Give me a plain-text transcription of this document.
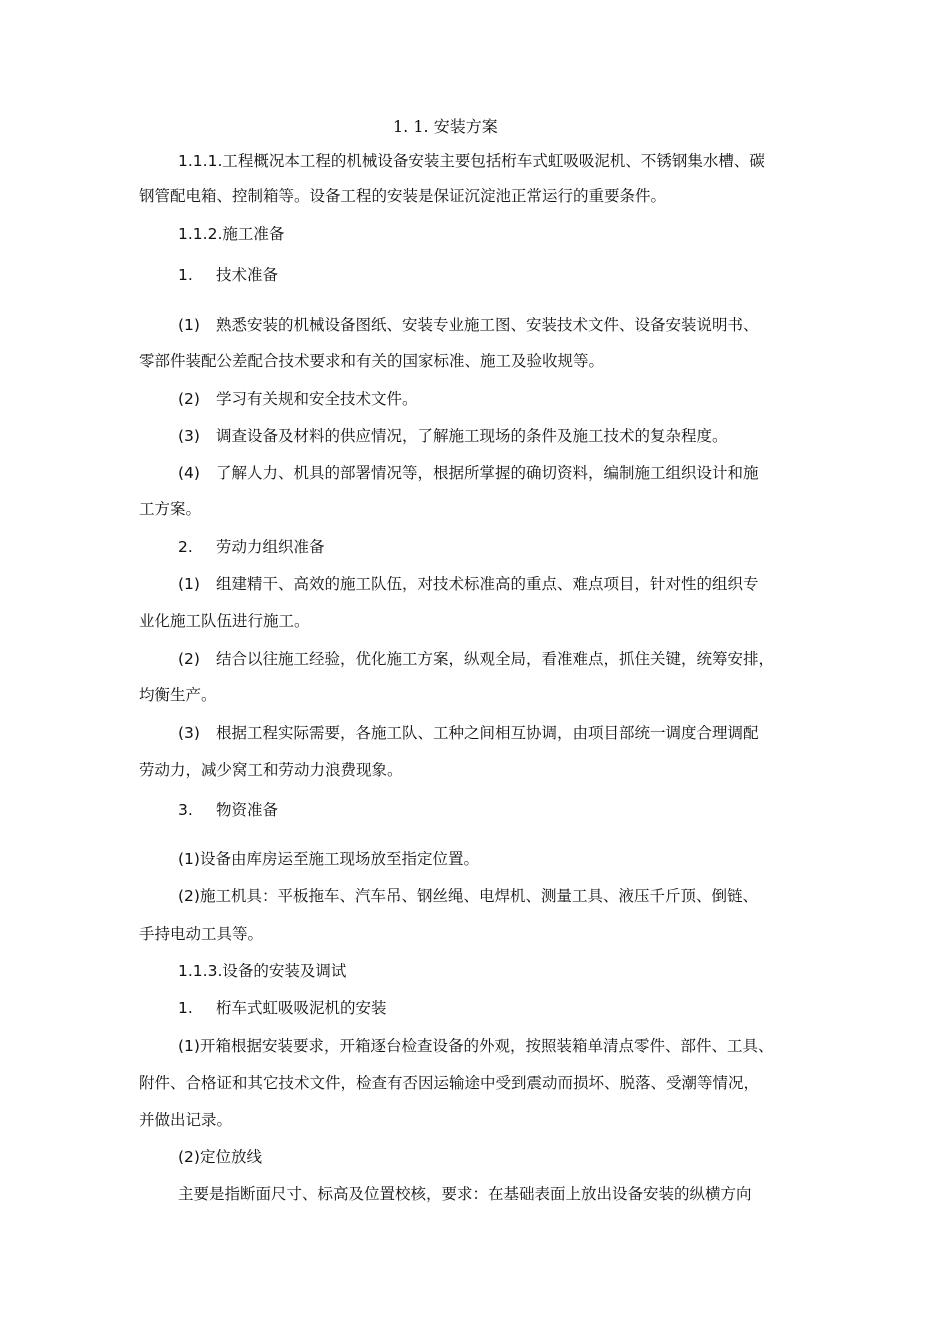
1. 1. 安装方案
1.1.1.工程概况本工程的机械设备安装主要包括桁车式虹吸吸泥机、不锈钢集水槽、碳
钢管配电箱、控制箱等。设备工程的安装是保证沉淀池正常运行的重要条件。
1.1.2.施工准备
1. 技术准备
(1) 熟悉安装的机械设备图纸、安装专业施工图、安装技术文件、设备安装说明书、
零部件装配公差配合技术要求和有关的国家标准、施工及验收规等。
(2) 学习有关规和安全技术文件。
(3) 调查设备及材料的供应情况，了解施工现场的条件及施工技术的复杂程度。
(4) 了解人力、机具的部署情况等，根据所掌握的确切资料，编制施工组织设计和施
工方案。
2. 劳动力组织准备
(1) 组建精干、高效的施工队伍，对技术标准高的重点、难点项目，针对性的组织专
业化施工队伍进行施工。
(2) 结合以往施工经验，优化施工方案，纵观全局，看准难点，抓住关键，统筹安排，
均衡生产。
(3) 根据工程实际需要，各施工队、工种之间相互协调，由项目部统一调度合理调配
劳动力，减少窝工和劳动力浪费现象。
3. 物资准备
(1)设备由库房运至施工现场放至指定位置。
(2)施工机具：平板拖车、汽车吊、钢丝绳、电焊机、测量工具、液压千斤顶、倒链、
手持电动工具等。
1.1.3.设备的安装及调试
1. 桁车式虹吸吸泥机的安装
(1)开箱根据安装要求，开箱逐台检查设备的外观，按照装箱单清点零件、部件、工具、
附件、合格证和其它技术文件，检查有否因运输途中受到震动而损坏、脱落、受潮等情况，
并做出记录。
(2)定位放线
主要是指断面尺寸、标高及位置校核，要求：在基础表面上放出设备安装的纵横方向
